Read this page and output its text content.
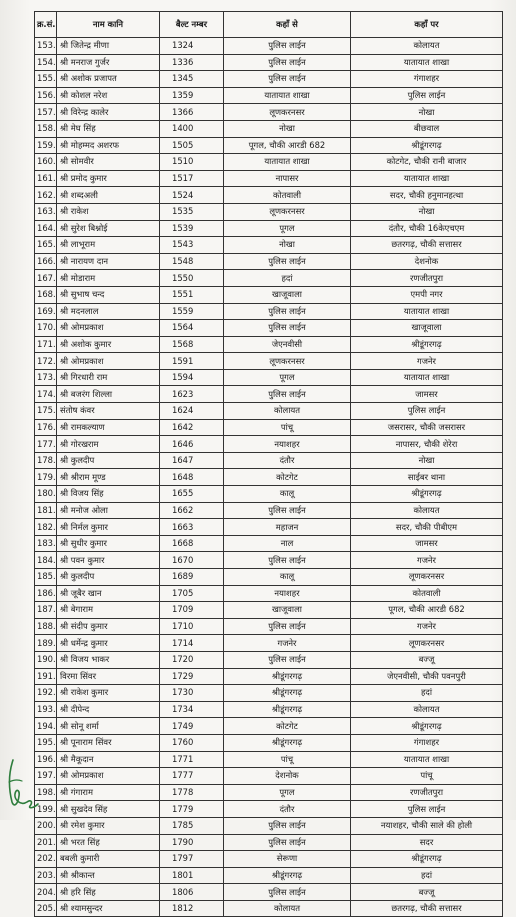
क्र.सं.	नाम कानि	बैल्ट नम्बर	कहाँ से	कहाँ पर
153.	श्री जितेन्द्र मीणा	1324	पुलिस लाईन	कोलायत
154.	श्री मनराज गुर्जर	1336	पुलिस लाईन	यातायात शाखा
155.	श्री अशोक प्रजापत	1345	पुलिस लाईन	गंगाशहर
156.	श्री कोशल नरेश	1359	यातायात शाखा	पुलिस लाईन
157.	श्री विरेन्द्र कालेर	1366	लूणकरनसर	नोखा
158.	श्री मेघ सिंह	1400	नोखा	बीछवाल
159.	श्री मोहम्मद अशरफ	1505	पूगल, चौकी आरडी 682	श्रीडूंगरगढ़
160.	श्री सोमवीर	1510	यातायात शाखा	कोटगेट, चौकी रानी बाजार
161.	श्री प्रमोद कुमार	1517	नापासर	यातायात शाखा
162.	श्री शब्दअली	1524	कोतवाली	सदर, चौकी हनुमानहत्था
163.	श्री राकेश	1535	लूणकरनसर	नोखा
164.	श्री सुरेश बिश्नोई	1539	पूगल	दंतौर, चौकी 16केएचएम
165.	श्री लाभूराम	1543	नोखा	छतरगढ़, चौकी सत्तासर
166.	श्री नारायण दान	1548	पुलिस लाईन	देशनोक
167.	श्री मोडाराम	1550	हदां	रणजीतपुरा
168.	श्री सुभाष चन्द	1551	खाजूवाला	एमपी नगर
169.	श्री मदनलाल	1559	पुलिस लाईन	यातायात शाखा
170.	श्री ओमप्रकाश	1564	पुलिस लाईन	खाजूवाला
171.	श्री अशोक कुमार	1568	जेएनवीसी	श्रीडूंगरगढ़
172.	श्री ओमप्रकाश	1591	लूणकरनसर	गजनेर
173.	श्री गिरधारी राम	1594	पूगल	यातायात शाखा
174.	श्री बजरंग शिल्ला	1623	पुलिस लाईन	जामसर
175.	संतोष कंवर	1624	कोलायत	पुलिस लाईन
176.	श्री रामकल्याण	1642	पांचू	जसरासर, चौकी जसरासर
177.	श्री गोरखराम	1646	नयाशहर	नापासर, चौकी शेरेरा
178.	श्री कुलदीप	1647	दंतौर	नोखा
179.	श्री श्रीराम मूण्ड	1648	कोटगेट	साईबर थाना
180.	श्री विजय सिंह	1655	कालू	श्रीडूंगरगढ़
181.	श्री मनोज ओला	1662	पुलिस लाईन	कोलायत
182.	श्री निर्मल कुमार	1663	महाजन	सदर, चौकी पीबीएम
183.	श्री सुधीर कुमार	1668	नाल	जामसर
184.	श्री पवन कुमार	1670	पुलिस लाईन	गजनेर
185.	श्री कुलदीप	1689	कालू	लूणकरनसर
186.	श्री जूबैर खान	1705	नयाशहर	कोतवाली
187.	श्री बेगाराम	1709	खाजूवाला	पूगल, चौकी आरडी 682
188.	श्री संदीप कुमार	1710	पुलिस लाईन	गजनेर
189.	श्री धर्मेन्द्र कुमार	1714	गजनेर	लूणकरनसर
190.	श्री विजय भाकर	1720	पुलिस लाईन	बज्जू
191.	विरमा सिंवर	1729	श्रीडूंगरगढ़	जेएनवीसी, चौकी पवनपुरी
192.	श्री राकेश कुमार	1730	श्रीडूंगरगढ़	हदां
193.	श्री दीपेन्द	1734	श्रीडूंगरगढ़	कोलायत
194.	श्री सोनू शर्मा	1749	कोटगेट	श्रीडूंगरगढ़
195.	श्री पूनाराम सिंवर	1760	श्रीडूंगरगढ़	गंगाशहर
196.	श्री मैकूदान	1771	पांचू	यातायात शाखा
197.	श्री ओमप्रकाश	1777	देशनोक	पांचू
198.	श्री गंगाराम	1778	पूगल	रणजीतपुरा
199.	श्री सुखदेव सिंह	1779	दंतौर	पुलिस लाईन
200.	श्री रमेश कुमार	1785	पुलिस लाईन	नयाशहर, चौकी साले की होली
201.	श्री भरत सिंह	1790	पुलिस लाईन	सदर
202.	बबली कुमारी	1797	सेरूणा	श्रीडूंगरगढ़
203.	श्री श्रीकान्त	1801	श्रीडूंगरगढ़	हदां
204.	श्री हरि सिंह	1806	पुलिस लाईन	बज्जू
205.	श्री श्यामसुन्दर	1812	कोलायत	छतरगढ़, चौकी सत्तासर
